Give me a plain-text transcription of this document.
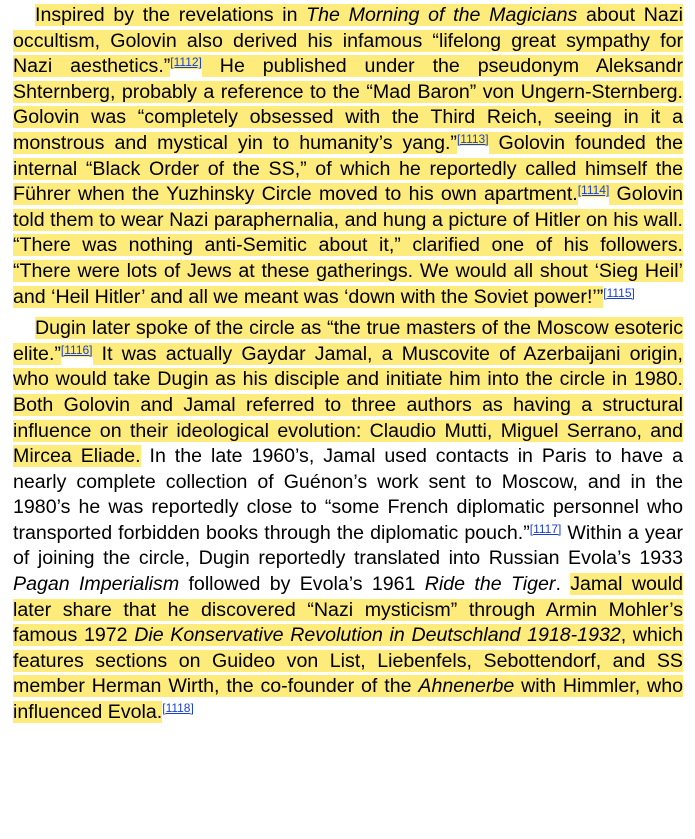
Inspired by the revelations in The Morning of the Magicians about Nazi occultism, Golovin also derived his infamous “lifelong great sympathy for Nazi aesthetics.”[1112] He published under the pseudonym Aleksandr Shternberg, probably a reference to the “Mad Baron” von Ungern-Sternberg. Golovin was “completely obsessed with the Third Reich, seeing in it a monstrous and mystical yin to humanity’s yang.”[1113] Golovin founded the internal “Black Order of the SS,” of which he reportedly called himself the Führer when the Yuzhinsky Circle moved to his own apartment.[1114] Golovin told them to wear Nazi paraphernalia, and hung a picture of Hitler on his wall. “There was nothing anti-Semitic about it,” clarified one of his followers. “There were lots of Jews at these gatherings. We would all shout ‘Sieg Heil’ and ‘Heil Hitler’ and all we meant was ‘down with the Soviet power!’”[1115]

Dugin later spoke of the circle as “the true masters of the Moscow esoteric elite.”[1116] It was actually Gaydar Jamal, a Muscovite of Azerbaijani origin, who would take Dugin as his disciple and initiate him into the circle in 1980. Both Golovin and Jamal referred to three authors as having a structural influence on their ideological evolution: Claudio Mutti, Miguel Serrano, and Mircea Eliade. In the late 1960’s, Jamal used contacts in Paris to have a nearly complete collection of Guénon’s work sent to Moscow, and in the 1980’s he was reportedly close to “some French diplomatic personnel who transported forbidden books through the diplomatic pouch.”[1117] Within a year of joining the circle, Dugin reportedly translated into Russian Evola’s 1933 Pagan Imperialism followed by Evola’s 1961 Ride the Tiger. Jamal would later share that he discovered “Nazi mysticism” through Armin Mohler’s famous 1972 Die Konservative Revolution in Deutschland 1918-1932, which features sections on Guideo von List, Liebenfels, Sebottendorf, and SS member Herman Wirth, the co-founder of the Ahnenerbe with Himmler, who influenced Evola.[1118]
